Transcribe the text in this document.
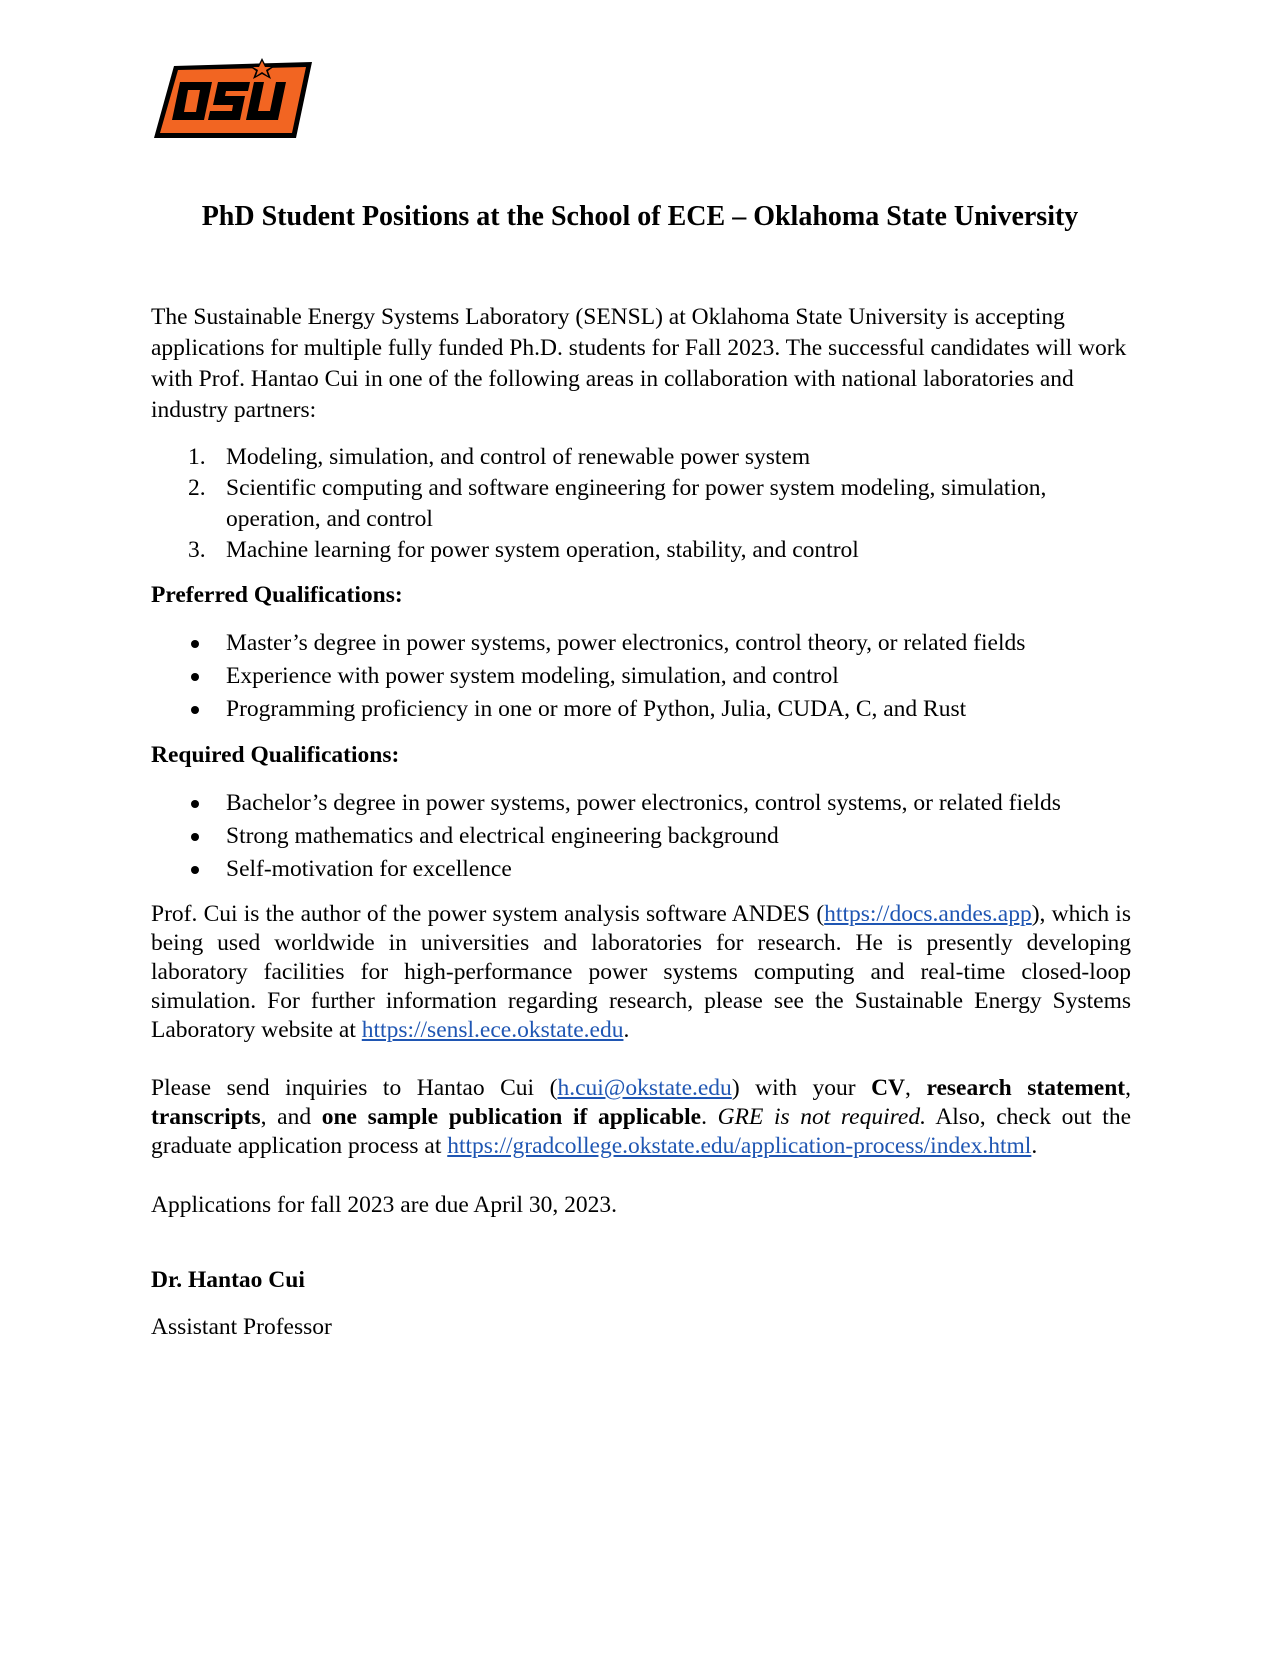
PhD Student Positions at the School of ECE – Oklahoma State University

The Sustainable Energy Systems Laboratory (SENSL) at Oklahoma State University is accepting applications for multiple fully funded Ph.D. students for Fall 2023. The successful candidates will work with Prof. Hantao Cui in one of the following areas in collaboration with national laboratories and industry partners:

1. Modeling, simulation, and control of renewable power system
2. Scientific computing and software engineering for power system modeling, simulation, operation, and control
3. Machine learning for power system operation, stability, and control

Preferred Qualifications:

Master’s degree in power systems, power electronics, control theory, or related fields
Experience with power system modeling, simulation, and control
Programming proficiency in one or more of Python, Julia, CUDA, C, and Rust

Required Qualifications:

Bachelor’s degree in power systems, power electronics, control systems, or related fields
Strong mathematics and electrical engineering background
Self-motivation for excellence

Prof. Cui is the author of the power system analysis software ANDES (https://docs.andes.app), which is being used worldwide in universities and laboratories for research. He is presently developing laboratory facilities for high-performance power systems computing and real-time closed-loop simulation. For further information regarding research, please see the Sustainable Energy Systems Laboratory website at https://sensl.ece.okstate.edu.

Please send inquiries to Hantao Cui (h.cui@okstate.edu) with your CV, research statement, transcripts, and one sample publication if applicable. GRE is not required. Also, check out the graduate application process at https://gradcollege.okstate.edu/application-process/index.html.

Applications for fall 2023 are due April 30, 2023.

Dr. Hantao Cui

Assistant Professor
